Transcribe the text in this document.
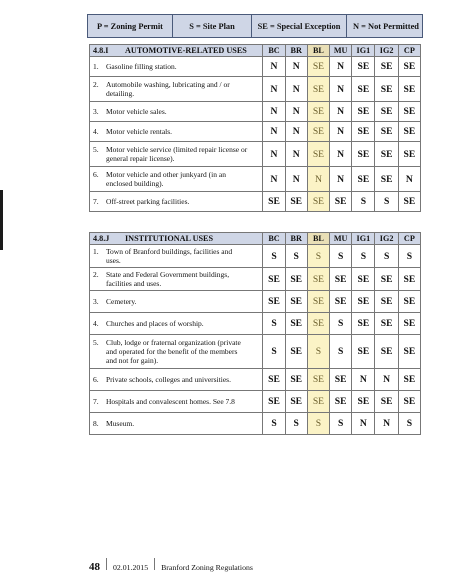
P = Zoning Permit	S = Site Plan	SE = Special Exception	N = Not Permitted
4.8.I AUTOMOTIVE-RELATED USES	BC	BR	BL	MU	IG1	IG2	CP
1. Gasoline filling station.	N	N	SE	N	SE	SE	SE
2. Automobile washing, lubricating and / or detailing.	N	N	SE	N	SE	SE	SE
3. Motor vehicle sales.	N	N	SE	N	SE	SE	SE
4. Motor vehicle rentals.	N	N	SE	N	SE	SE	SE
5. Motor vehicle service (limited repair license or general repair license).	N	N	SE	N	SE	SE	SE
6. Motor vehicle and other junkyard (in an enclosed building).	N	N	N	N	SE	SE	N
7. Off-street parking facilities.	SE	SE	SE	SE	S	S	SE
4.8.J INSTITUTIONAL USES	BC	BR	BL	MU	IG1	IG2	CP
1. Town of Branford buildings, facilities and uses.	S	S	S	S	S	S	S
2. State and Federal Government buildings, facilities and uses.	SE	SE	SE	SE	SE	SE	SE
3. Cemetery.	SE	SE	SE	SE	SE	SE	SE
4. Churches and places of worship.	S	SE	SE	S	SE	SE	SE
5. Club, lodge or fraternal organization (private and operated for the benefit of the members and not for gain).	S	SE	S	S	SE	SE	SE
6. Private schools, colleges and universities.	SE	SE	SE	SE	N	N	SE
7. Hospitals and convalescent homes. See 7.8	SE	SE	SE	SE	SE	SE	SE
8. Museum.	S	S	S	S	N	N	S
48 02.01.2015 Branford Zoning Regulations
